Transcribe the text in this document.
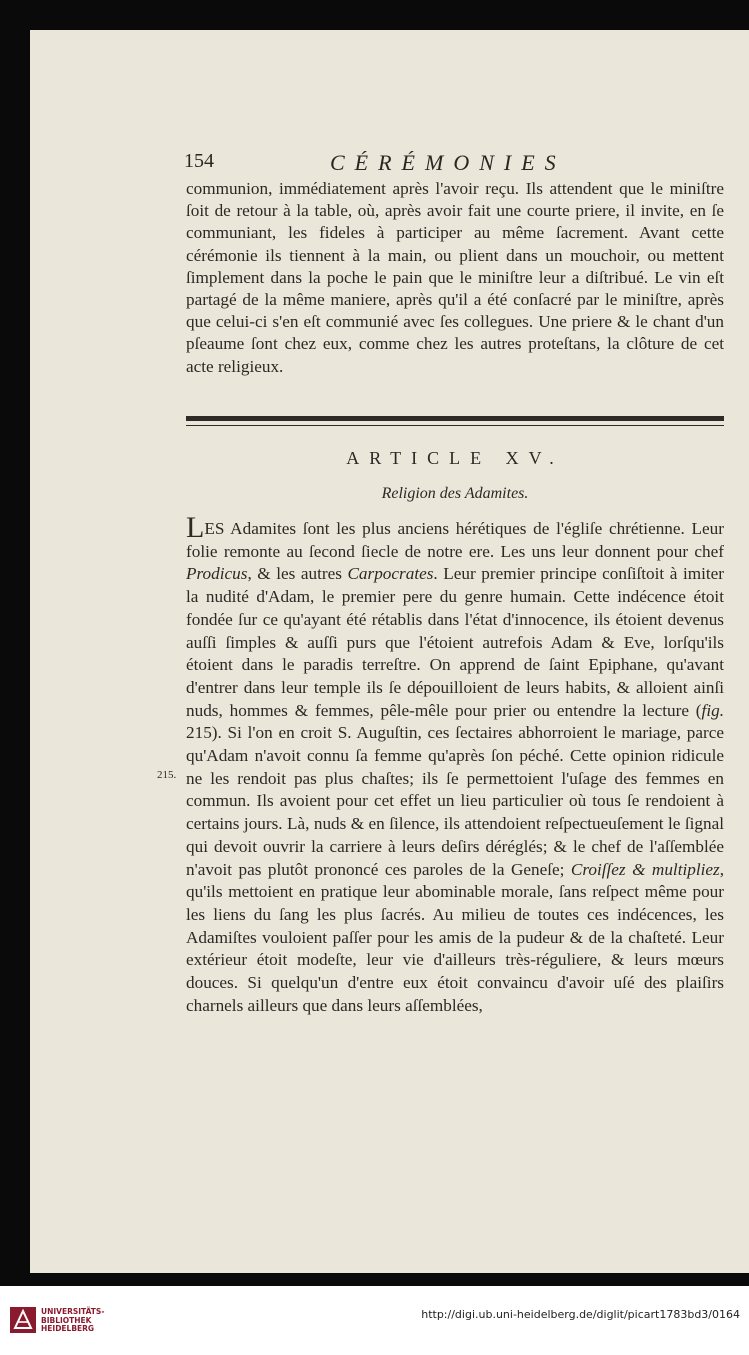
154	CÉRÉMONIES

communion, immédiatement après l'avoir reçu. Ils attendent que le miniſtre ſoit de retour à la table, où, après avoir fait une courte priere, il invite, en ſe communiant, les fideles à participer au même ſacrement. Avant cette cérémonie ils tiennent à la main, ou plient dans un mouchoir, ou mettent ſimplement dans la poche le pain que le miniſtre leur a diſtribué. Le vin eſt partagé de la même maniere, après qu'il a été conſacré par le miniſtre, après que celui-ci s'en eſt communié avec ſes collegues. Une priere & le chant d'un pſeaume ſont chez eux, comme chez les autres proteſtans, la clôture de cet acte religieux.

ARTICLE XV.
Religion des Adamites.

LES Adamites ſont les plus anciens hérétiques de l'égliſe chrétienne. Leur folie remonte au ſecond ſiecle de notre ere. Les uns leur donnent pour chef Prodicus, & les autres Carpocrates. Leur premier principe conſiſtoit à imiter la nudité d'Adam, le premier pere du genre humain. Cette indécence étoit fondée ſur ce qu'ayant été rétablis dans l'état d'innocence, ils étoient devenus auſſi ſimples & auſſi purs que l'étoient autrefois Adam & Eve, lorſqu'ils étoient dans le paradis terreſtre. On apprend de ſaint Epiphane, qu'avant d'entrer dans leur temple ils ſe dépouilloient de leurs habits, & alloient ainſi nuds, hommes & femmes, pêle-mêle pour prier ou entendre la lecture (fig. 215). Si l'on en croit S. Auguſtin, ces ſectaires abhorroient le mariage, parce qu'Adam n'avoit connu ſa femme qu'après ſon péché. Cette opinion ridicule ne les rendoit pas plus chaſtes; ils ſe permettoient l'uſage des femmes en commun. Ils avoient pour cet effet un lieu particulier où tous ſe rendoient à certains jours. Là, nuds & en ſilence, ils attendoient reſpectueuſement le ſignal qui devoit ouvrir la carriere à leurs deſirs déréglés; & le chef de l'aſſemblée n'avoit pas plutôt prononcé ces paroles de la Geneſe; Croiſſez & multipliez, qu'ils mettoient en pratique leur abominable morale, ſans reſpect même pour les liens du ſang les plus ſacrés. Au milieu de toutes ces indécences, les Adamiſtes vouloient paſſer pour les amis de la pudeur & de la chaſteté. Leur extérieur étoit modeſte, leur vie d'ailleurs très-réguliere, & leurs mœurs douces. Si quelqu'un d'entre eux étoit convaincu d'avoir uſé des plaiſirs charnels ailleurs que dans leurs aſſemblées,

215.
UNIVERSITÄTS-
BIBLIOTHEK
HEIDELBERG
http://digi.ub.uni-heidelberg.de/diglit/picart1783bd3/0164
